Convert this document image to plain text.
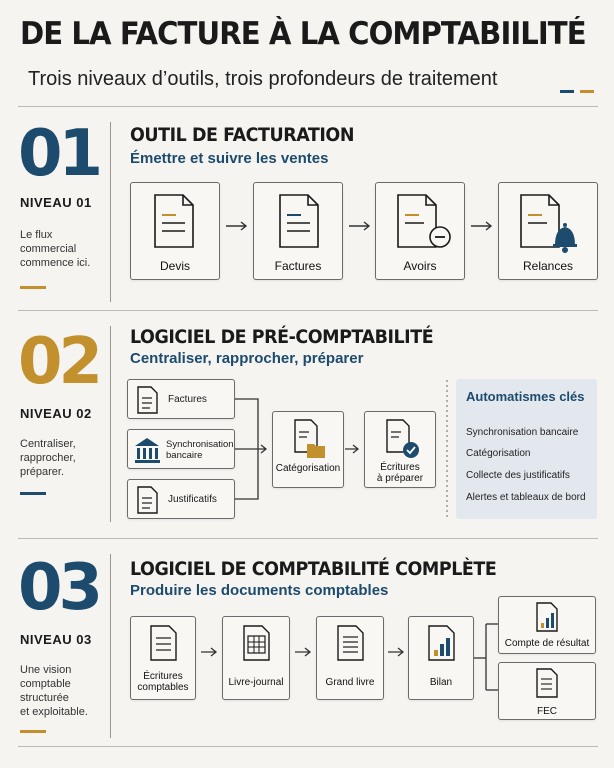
DE LA FACTURE À LA COMPTABIILITÉ
Trois niveaux d’outils, trois profondeurs de traitement
01
NIVEAU 01
Le flux
commercial
commence ici.
OUTIL DE FACTURATION
Émettre et suivre les ventes
Devis	Factures	Avoirs	Relances
02
NIVEAU 02
Centraliser,
rapprocher,
préparer.
LOGICIEL DE PRÉ-COMPTABILITÉ
Centraliser, rapprocher, préparer
Factures
Synchronisation
bancaire
Justificatifs
Catégorisation	Écritures
à préparer
Automatismes clés
Synchronisation bancaire
Catégorisation
Collecte des justificatifs
Alertes et tableaux de bord
03
NIVEAU 03
Une vision
comptable
structurée
et exploitable.
LOGICIEL DE COMPTABILITÉ COMPLÈTE
Produire les documents comptables
Écritures
comptables	Livre-journal	Grand livre	Bilan
Compte de résultat
FEC
